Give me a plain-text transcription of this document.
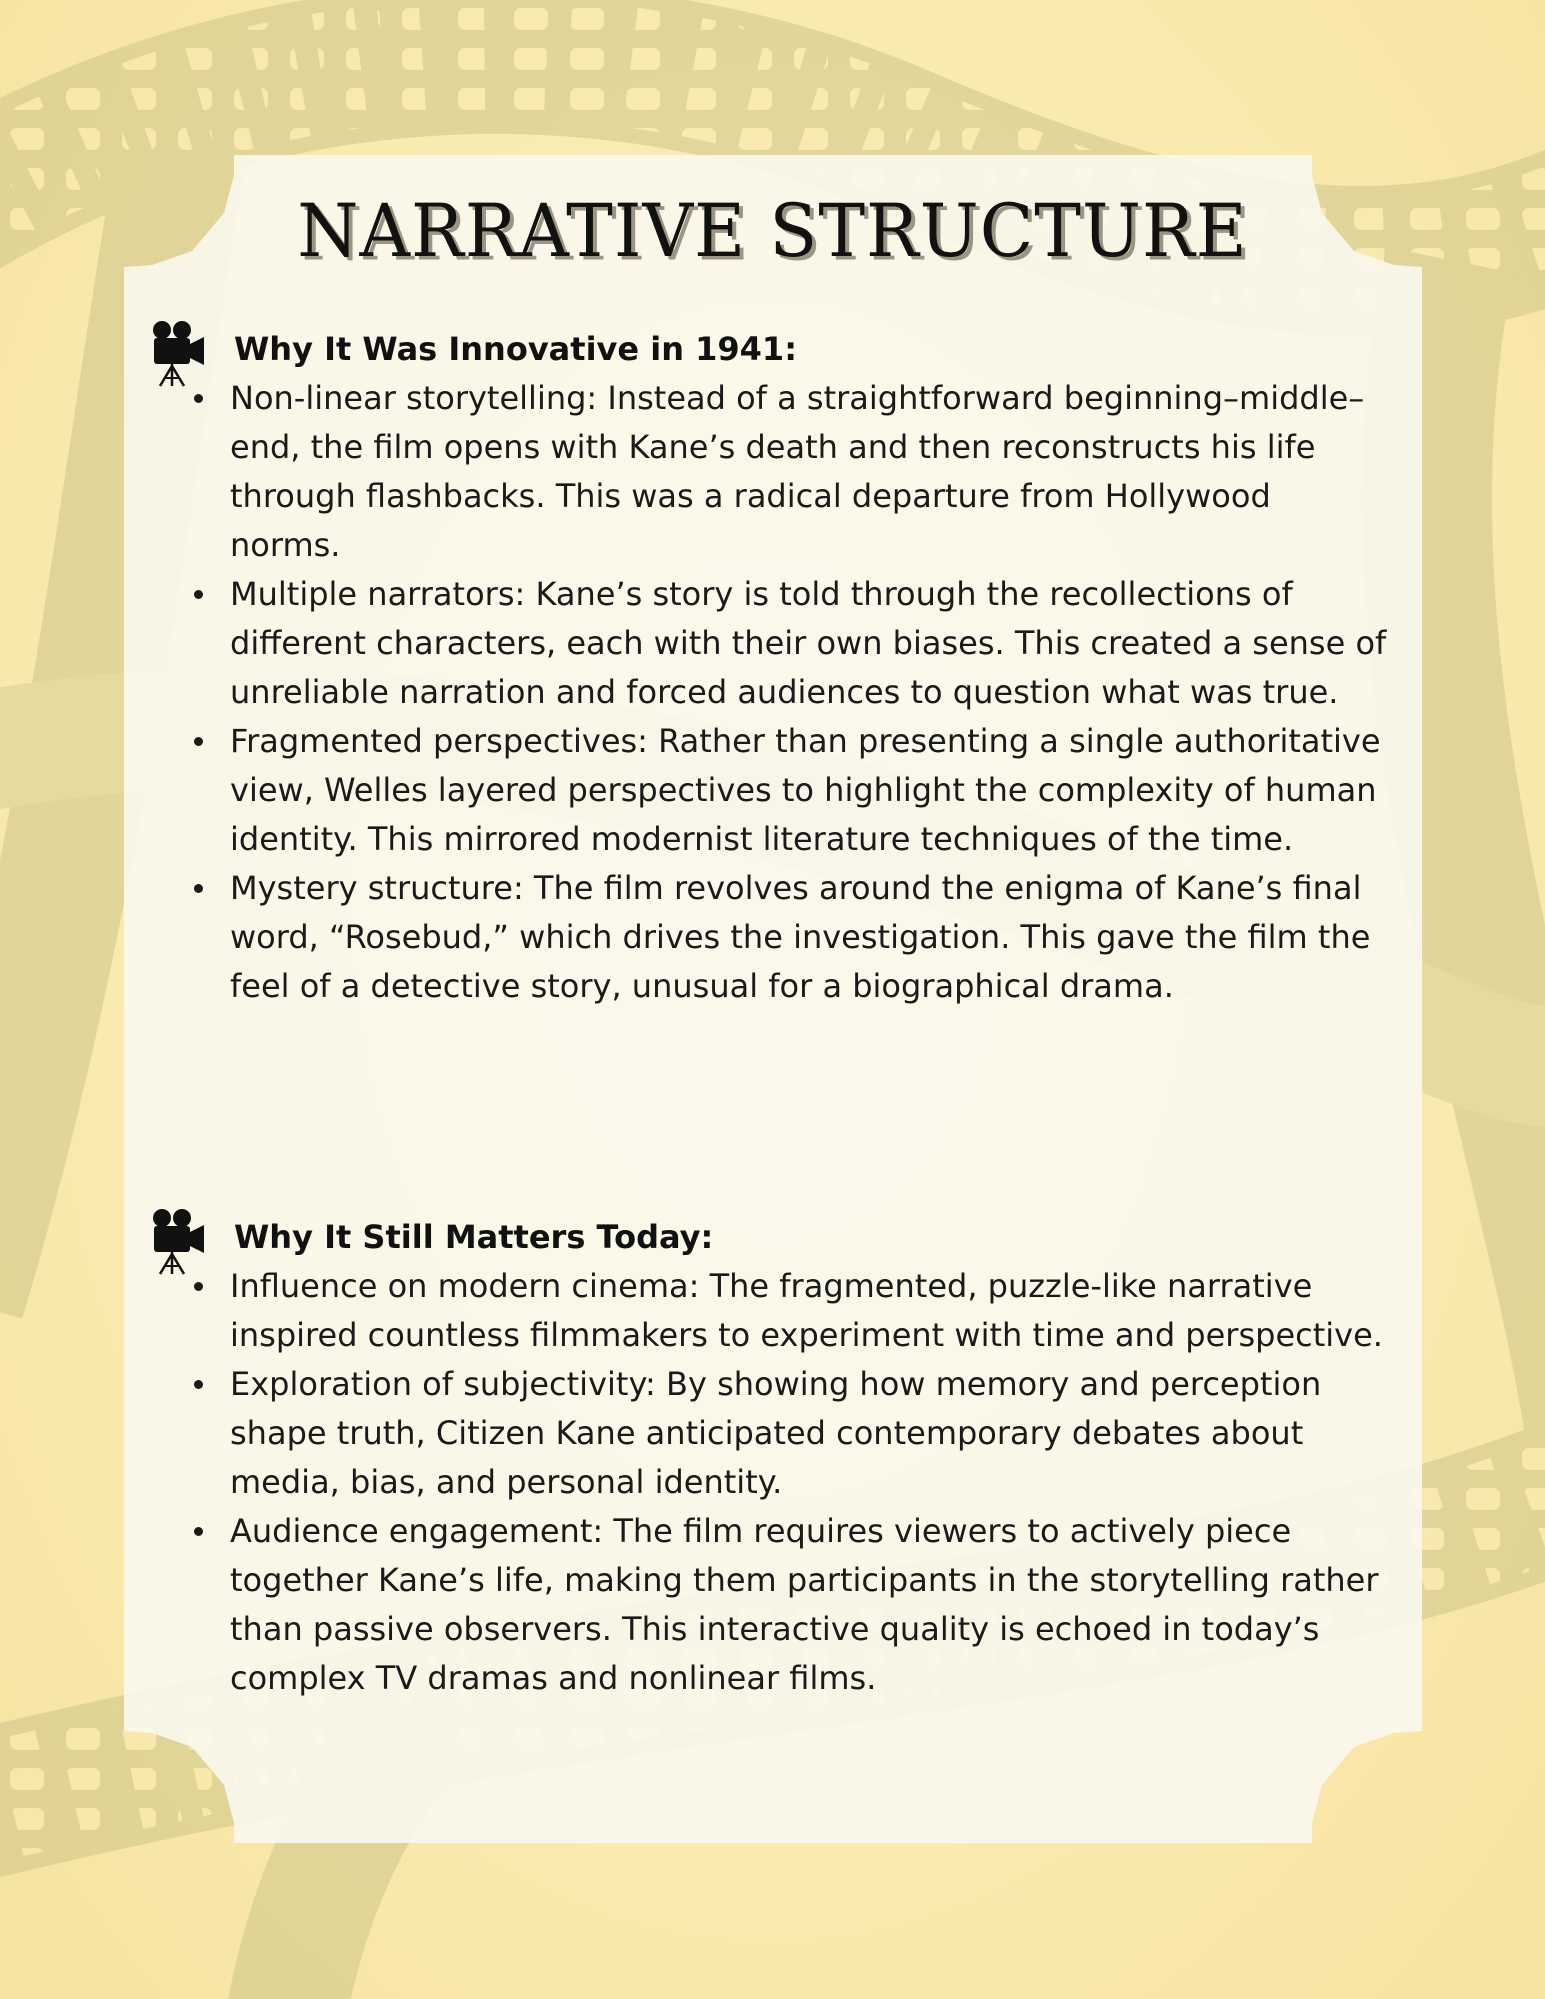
NARRATIVE STRUCTURE
Why It Was Innovative in 1941:
Non-linear storytelling: Instead of a straightforward beginning–middle–end, the film opens with Kane’s death and then reconstructs his life through flashbacks. This was a radical departure from Hollywood norms.
Multiple narrators: Kane’s story is told through the recollections of different characters, each with their own biases. This created a sense of unreliable narration and forced audiences to question what was true.
Fragmented perspectives: Rather than presenting a single authoritative view, Welles layered perspectives to highlight the complexity of human identity. This mirrored modernist literature techniques of the time.
Mystery structure: The film revolves around the enigma of Kane’s final word, “Rosebud,” which drives the investigation. This gave the film the feel of a detective story, unusual for a biographical drama.
Why It Still Matters Today:
Influence on modern cinema: The fragmented, puzzle-like narrative inspired countless filmmakers to experiment with time and perspective.
Exploration of subjectivity: By showing how memory and perception shape truth, Citizen Kane anticipated contemporary debates about media, bias, and personal identity.
Audience engagement: The film requires viewers to actively piece together Kane’s life, making them participants in the storytelling rather than passive observers. This interactive quality is echoed in today’s complex TV dramas and nonlinear films.
